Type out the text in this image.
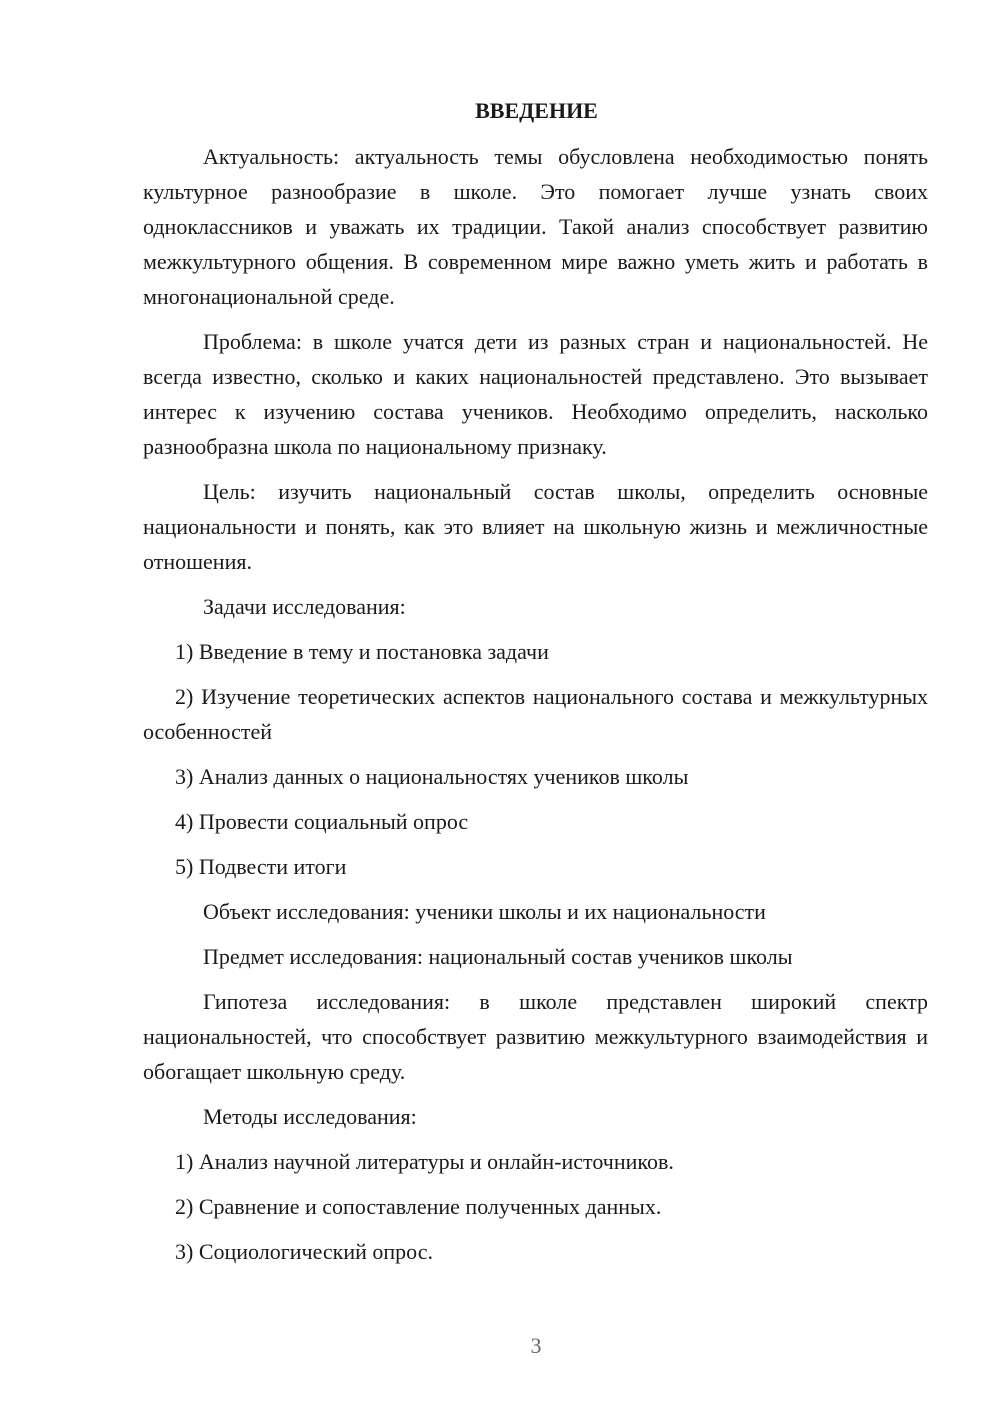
ВВЕДЕНИЕ

Актуальность: актуальность темы обусловлена необходимостью понять культурное разнообразие в школе. Это помогает лучше узнать своих одноклассников и уважать их традиции. Такой анализ способствует развитию межкультурного общения. В современном мире важно уметь жить и работать в многонациональной среде.

Проблема: в школе учатся дети из разных стран и национальностей. Не всегда известно, сколько и каких национальностей представлено. Это вызывает интерес к изучению состава учеников. Необходимо определить, насколько разнообразна школа по национальному признаку.

Цель: изучить национальный состав школы, определить основные национальности и понять, как это влияет на школьную жизнь и межличностные отношения.

Задачи исследования:

1) Введение в тему и постановка задачи

2) Изучение теоретических аспектов национального состава и межкультурных особенностей

3) Анализ данных о национальностях учеников школы

4) Провести социальный опрос

5) Подвести итоги

Объект исследования: ученики школы и их национальности

Предмет исследования: национальный состав учеников школы

Гипотеза исследования: в школе представлен широкий спектр национальностей, что способствует развитию межкультурного взаимодействия и обогащает школьную среду.

Методы исследования:

1) Анализ научной литературы и онлайн-источников.

2) Сравнение и сопоставление полученных данных.

3) Социологический опрос.

3
